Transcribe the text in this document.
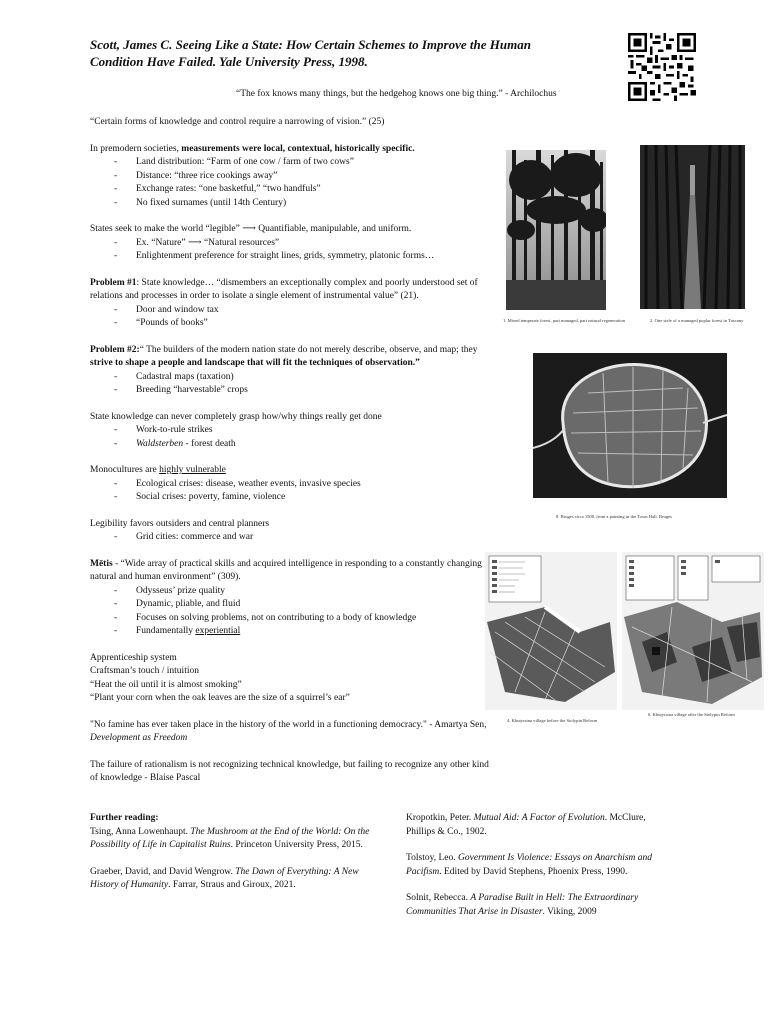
Scott, James C. Seeing Like a State: How Certain Schemes to Improve the Human Condition Have Failed. Yale University Press, 1998.
“The fox knows many things, but the hedgehog knows one big thing.” - Archilochus

“Certain forms of knowledge and control require a narrowing of vision.” (25)

In premodern societies, measurements were local, contextual, historically specific.
- Land distribution: “Farm of one cow / farm of two cows”
- Distance: “three rice cookings away”
- Exchange rates: “one basketful,” “two handfuls”
- No fixed surnames (until 14th Century)
States seek to make the world “legible” ⟶ Quantifiable, manipulable, and uniform.
- Ex. “Nature” ⟶ “Natural resources”
- Enlightenment preference for straight lines, grids, symmetry, platonic forms…
Problem #1: State knowledge… “dismembers an exceptionally complex and poorly understood set of relations and processes in order to isolate a single element of instrumental value” (21).
- Door and window tax
- “Pounds of books”
Problem #2:“ The builders of the modern nation state do not merely describe, observe, and map; they strive to shape a people and landscape that will fit the techniques of observation.”
- Cadastral maps (taxation)
- Breeding “harvestable” crops
State knowledge can never completely grasp how/why things really get done
- Work-to-rule strikes
- Waldsterben - forest death
Monocultures are highly vulnerable
- Ecological crises: disease, weather events, invasive species
- Social crises: poverty, famine, violence
Legibility favors outsiders and central planners
- Grid cities: commerce and war
Mētis - “Wide array of practical skills and acquired intelligence in responding to a constantly changing natural and human environment” (309).
- Odysseus’ prize quality
- Dynamic, pliable, and fluid
- Focuses on solving problems, not on contributing to a body of knowledge
- Fundamentally experiential
Apprenticeship system
Craftsman’s touch / intuition
“Heat the oil until it is almost smoking”
“Plant your corn when the oak leaves are the size of a squirrel’s ear”

"No famine has ever taken place in the history of the world in a functioning democracy." - Amartya Sen, Development as Freedom

The failure of rationalism is not recognizing technical knowledge, but failing to recognize any other kind of knowledge - Blaise Pascal

Further reading:

Tsing, Anna Lowenhaupt. The Mushroom at the End of the World: On the Possibility of Life in Capitalist Ruins. Princeton University Press, 2015.

Graeber, David, and David Wengrow. The Dawn of Everything: A New History of Humanity. Farrar, Straus and Giroux, 2021.

Kropotkin, Peter. Mutual Aid: A Factor of Evolution. McClure, Phillips & Co., 1902.

Tolstoy, Leo. Government Is Violence: Essays on Anarchism and Pacifism. Edited by David Stephens, Phoenix Press, 1990.

Solnit, Rebecca. A Paradise Built in Hell: The Extraordinary Communities That Arise in Disaster. Viking, 2009

1. Mixed temperate forest, part managed, part natural regeneration	2. One stele of a managed poplar forest in Tuscany
8. Bruges circa 1500, from a painting in the Town Hall, Bruges
4. Khutyrsina village before the Stolypin Reform
6. Khutyrsina village after the Stolypin Reform
